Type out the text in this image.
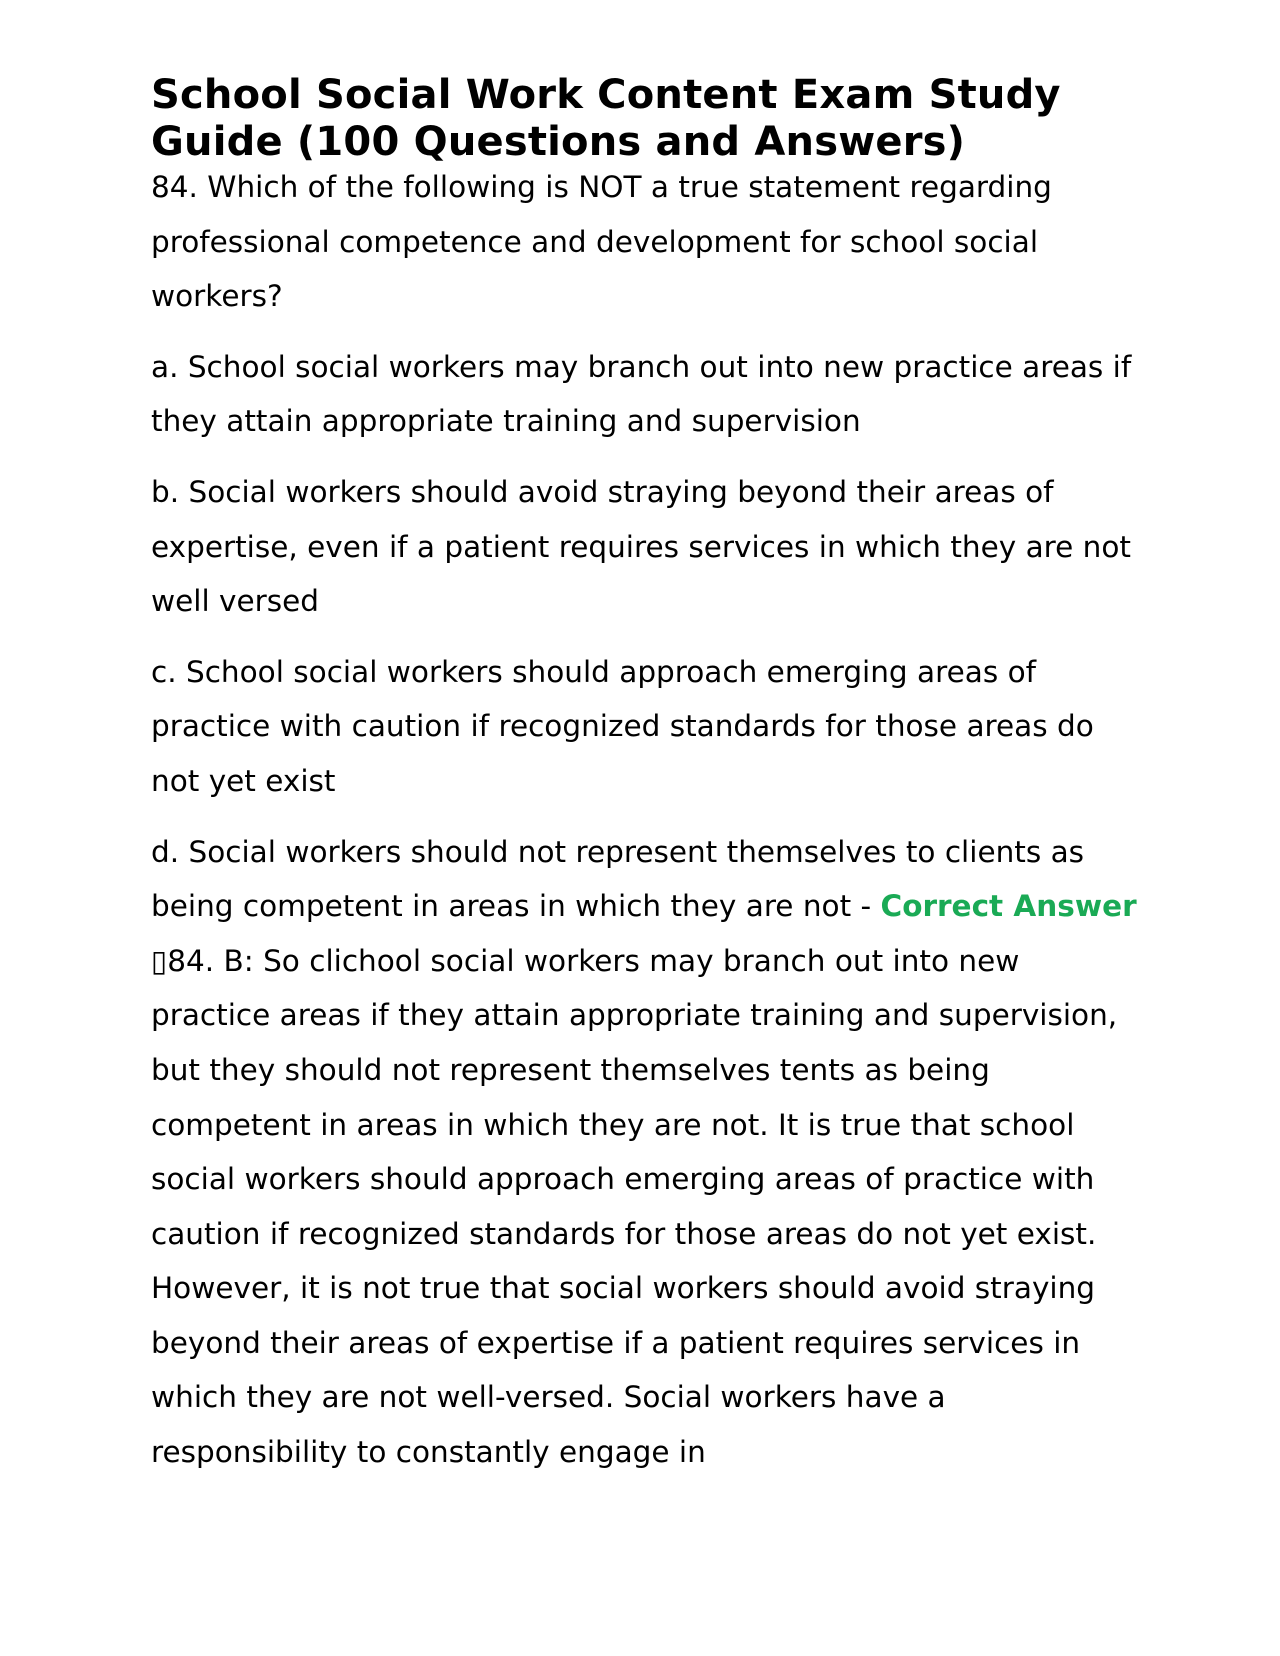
School Social Work Content Exam Study Guide (100 Questions and Answers)

84. Which of the following is NOT a true statement regarding professional competence and development for school social workers?

a. School social workers may branch out into new practice areas if they attain appropriate training and supervision

b. Social workers should avoid straying beyond their areas of expertise, even if a patient requires services in which they are not well versed

c. School social workers should approach emerging areas of practice with caution if recognized standards for those areas do not yet exist

d. Social workers should not represent themselves to clients as being competent in areas in which they are not - Correct Answer ▯84. B: So clichool social workers may branch out into new practice areas if they attain appropriate training and supervision, but they should not represent themselves tents as being competent in areas in which they are not. It is true that school social workers should approach emerging areas of practice with caution if recognized standards for those areas do not yet exist. However, it is not true that social workers should avoid straying beyond their areas of expertise if a patient requires services in which they are not well-versed. Social workers have a responsibility to constantly engage in
